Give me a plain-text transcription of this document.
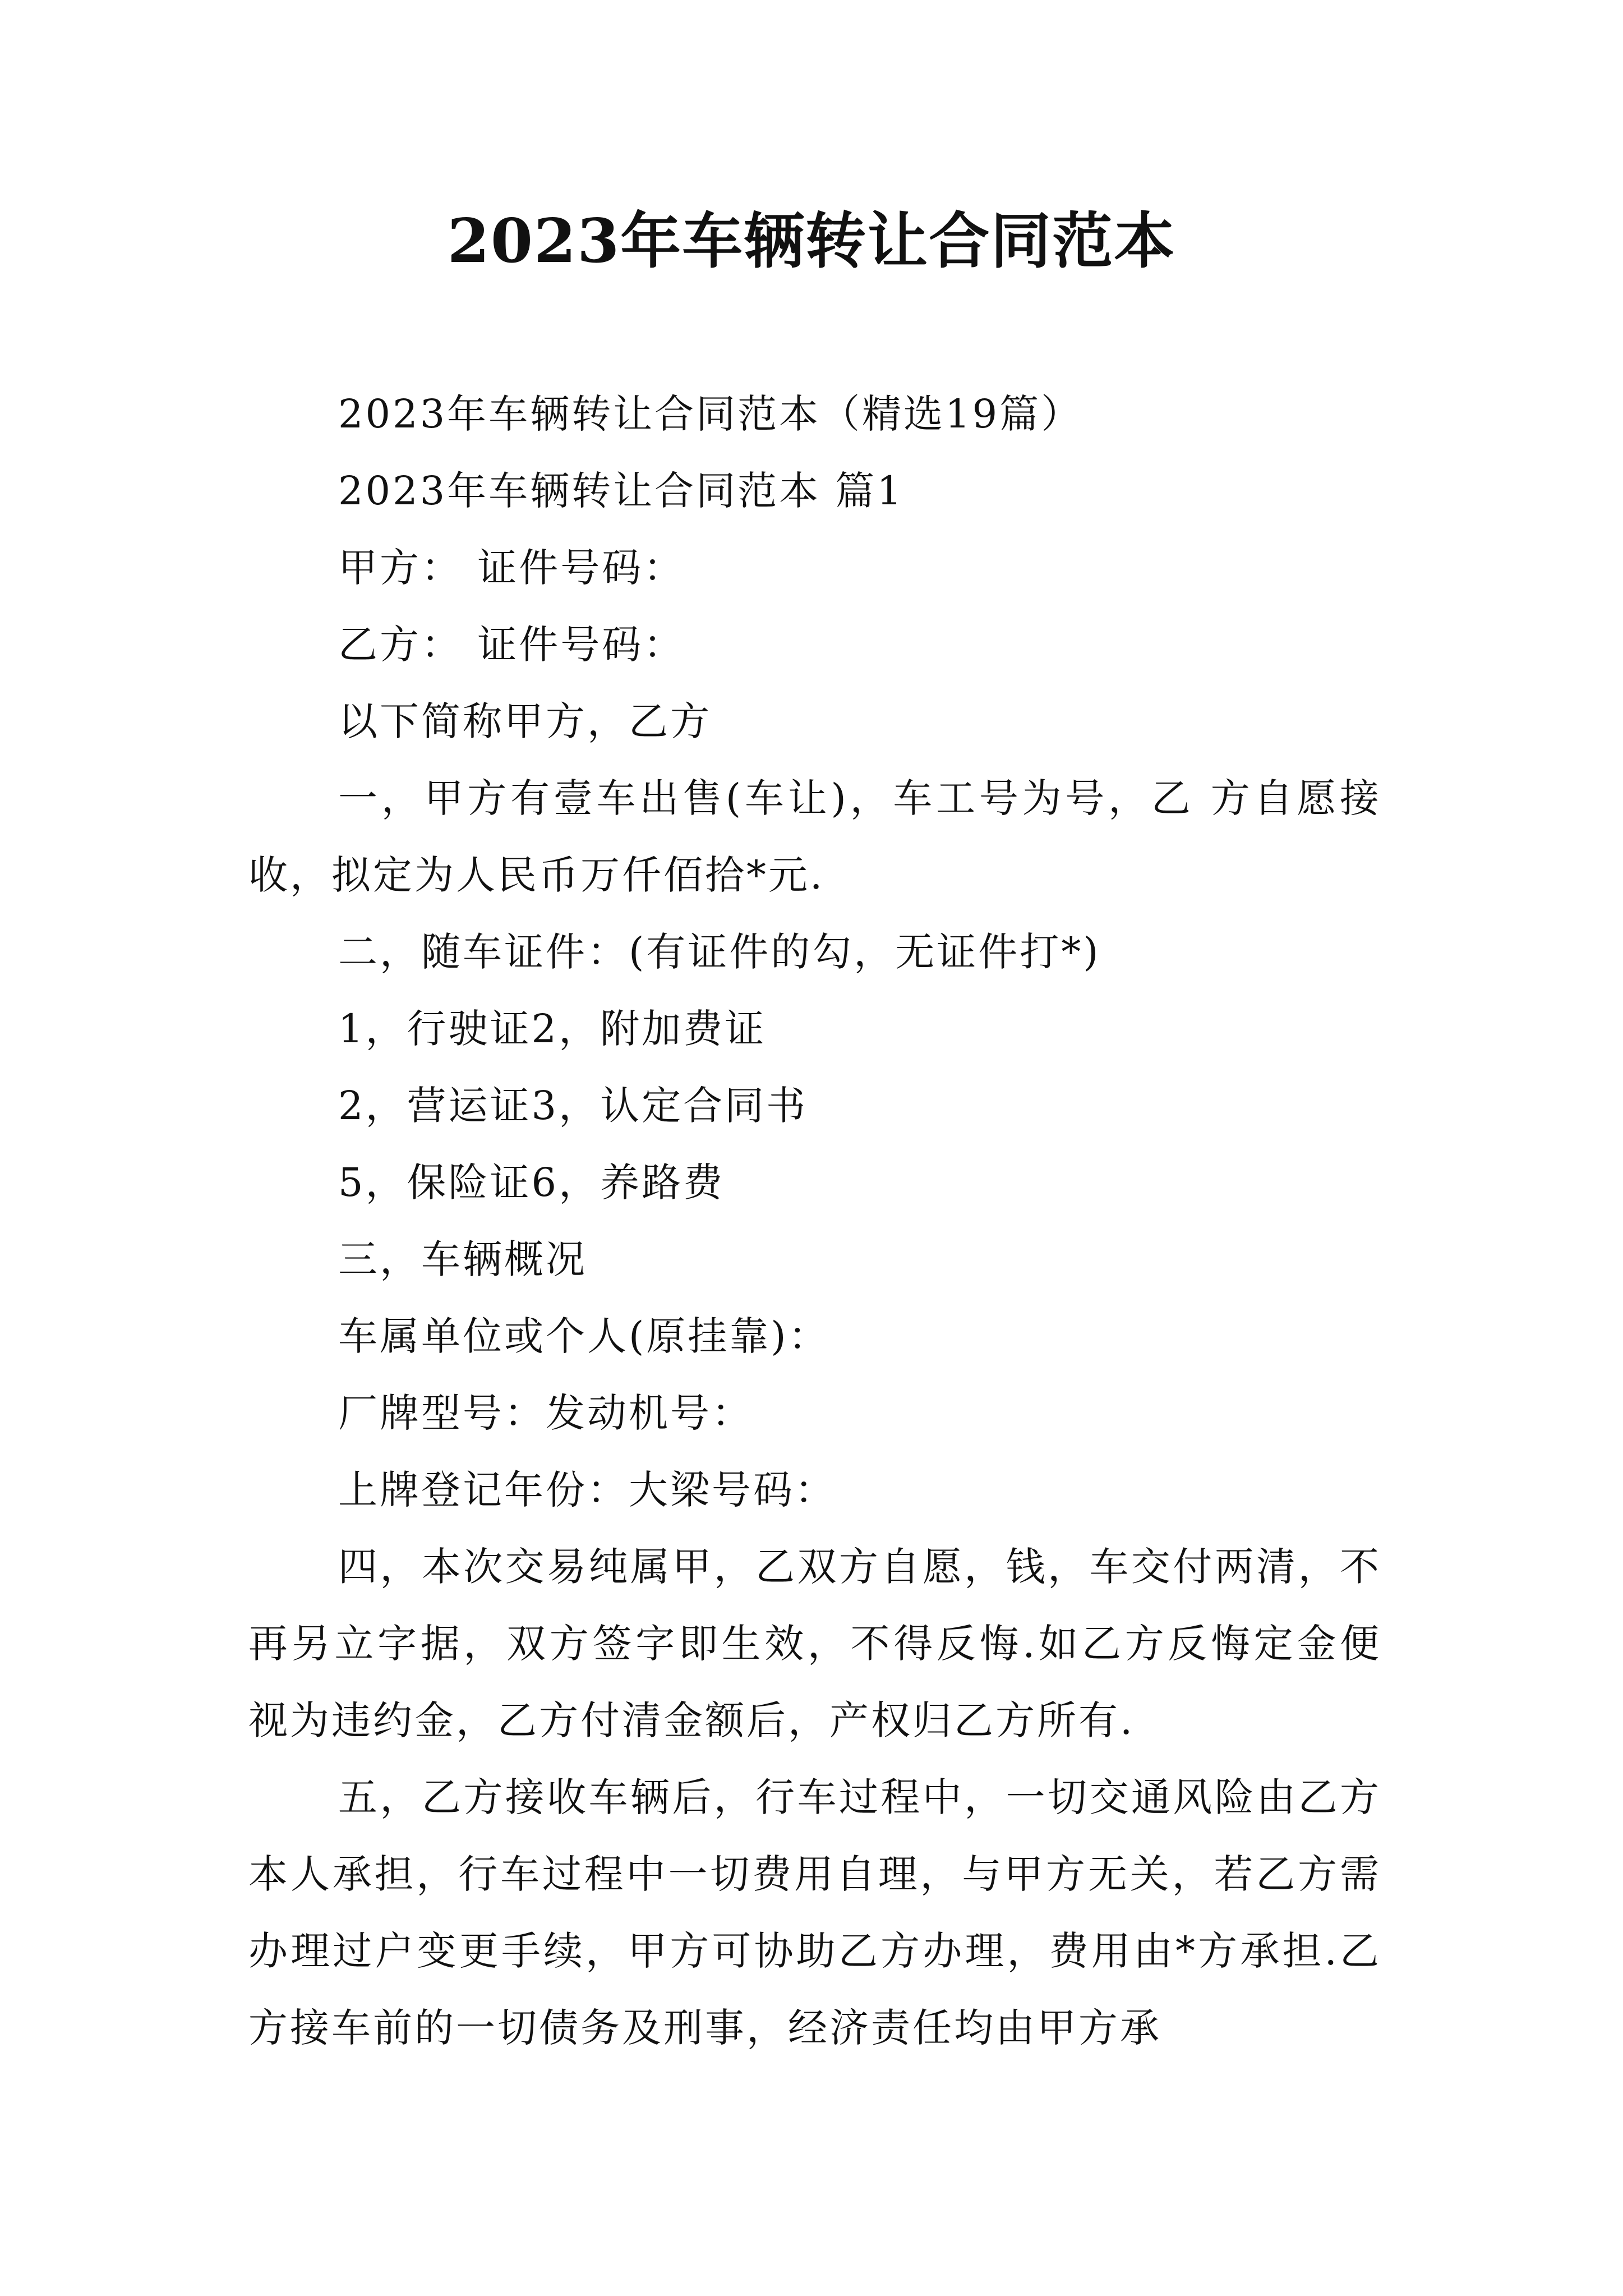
2023年车辆转让合同范本

2023年车辆转让合同范本（精选19篇）

2023年车辆转让合同范本 篇1

甲方： 证件号码：

乙方： 证件号码：

以下简称甲方，乙方

一，甲方有壹车出售(车让)，车工号为号，乙 方自愿接收，拟定为人民币万仟佰拾*元.

二，随车证件：(有证件的勾，无证件打*)

1，行驶证2，附加费证

2，营运证3，认定合同书

5，保险证6，养路费

三，车辆概况

车属单位或个人(原挂靠)：

厂牌型号：发动机号：

上牌登记年份：大梁号码：

四，本次交易纯属甲，乙双方自愿，钱，车交付两清，不再另立字据，双方签字即生效，不得反悔.如乙方反悔定金便视为违约金，乙方付清金额后，产权归乙方所有.

五，乙方接收车辆后，行车过程中，一切交通风险由乙方本人承担，行车过程中一切费用自理，与甲方无关，若乙方需办理过户变更手续，甲方可协助乙方办理，费用由*方承担.乙方接车前的一切债务及刑事，经济责任均由甲方承
